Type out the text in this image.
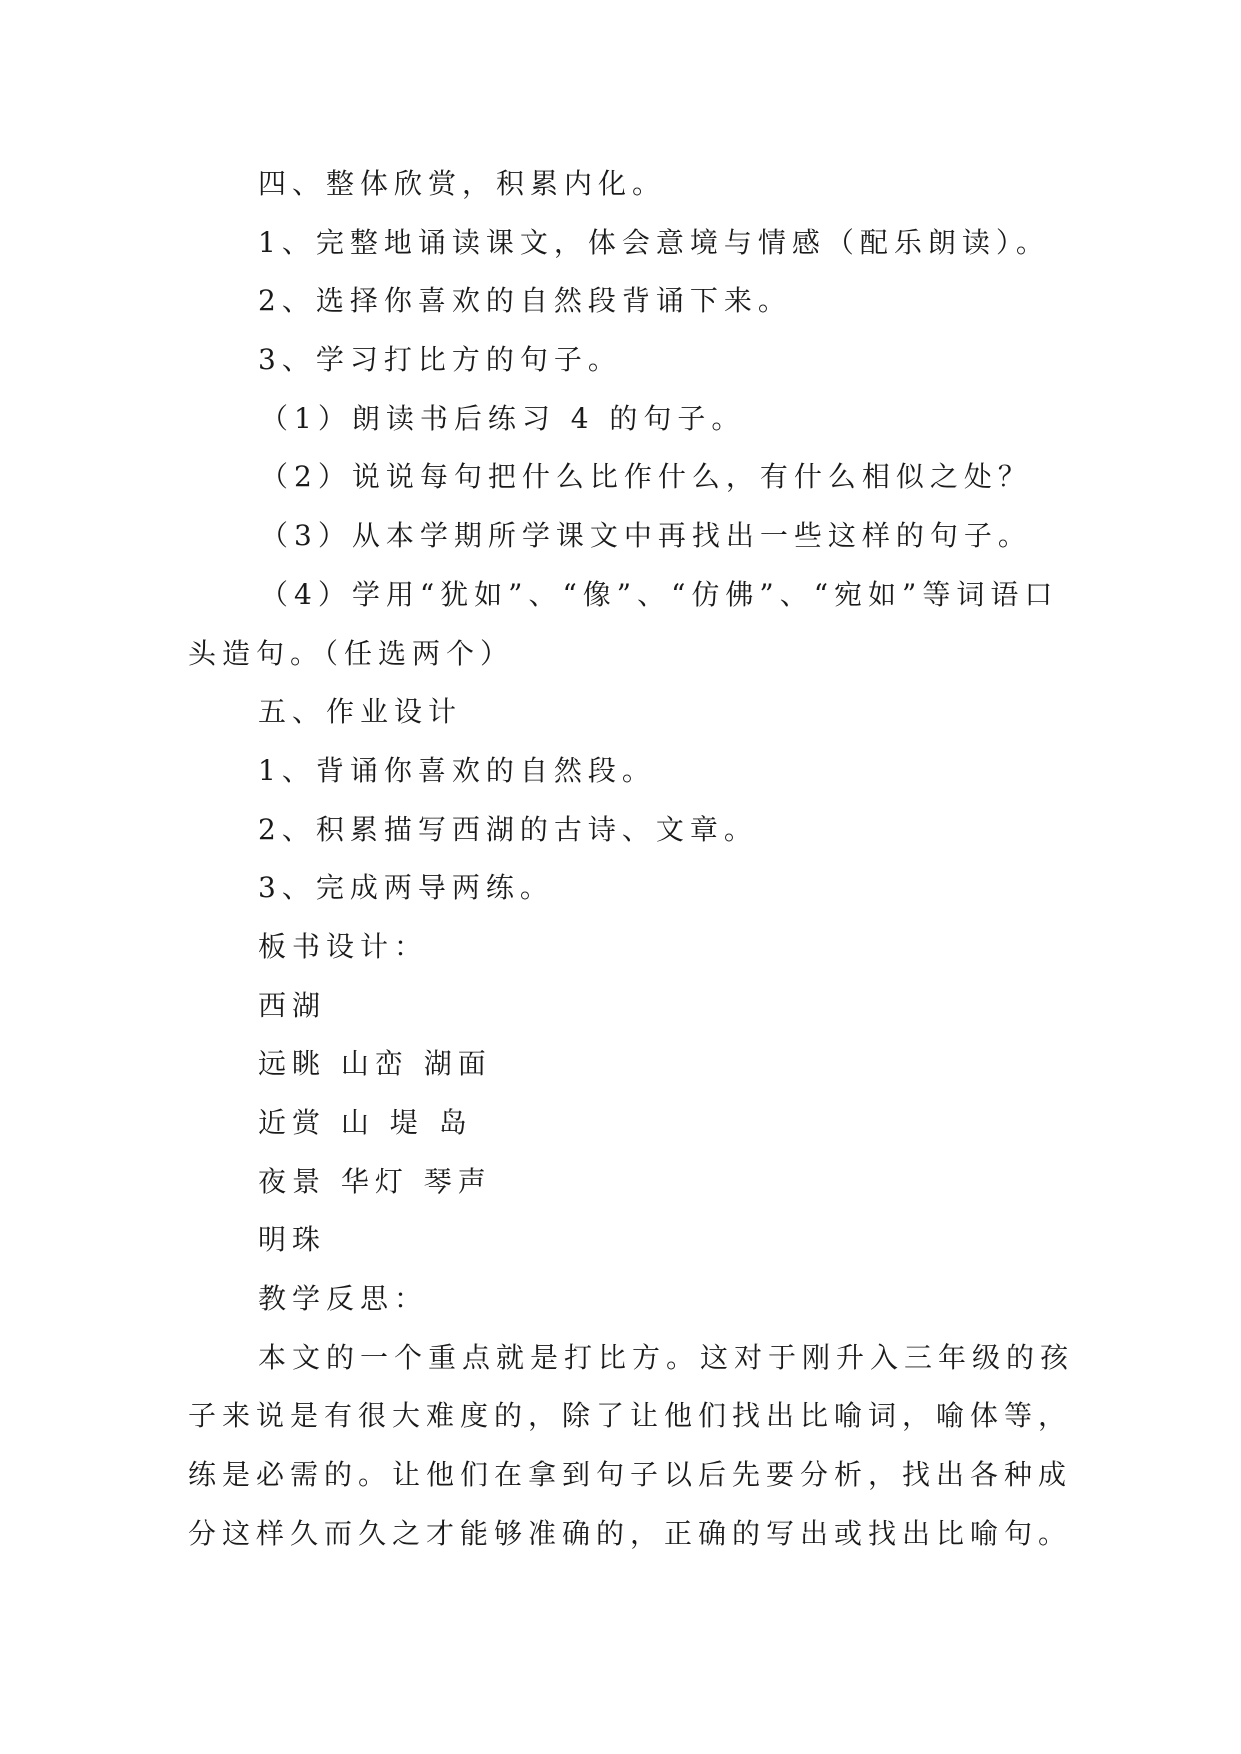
四、整体欣赏，积累内化。
1、完整地诵读课文，体会意境与情感（配乐朗读）。
2、选择你喜欢的自然段背诵下来。
3、学习打比方的句子。
（1）朗读书后练习 4 的句子。
（2）说说每句把什么比作什么，有什么相似之处？
（3）从本学期所学课文中再找出一些这样的句子。
（4）学用“犹如”、“像”、“仿佛”、“宛如”等词语口
头造句。（任选两个）
五、作业设计
1、背诵你喜欢的自然段。
2、积累描写西湖的古诗、文章。
3、完成两导两练。
板书设计：
西湖
远眺 山峦 湖面
近赏 山 堤 岛
夜景 华灯 琴声
明珠
教学反思：
本文的一个重点就是打比方。这对于刚升入三年级的孩
子来说是有很大难度的，除了让他们找出比喻词，喻体等，
练是必需的。让他们在拿到句子以后先要分析，找出各种成
分这样久而久之才能够准确的，正确的写出或找出比喻句。
